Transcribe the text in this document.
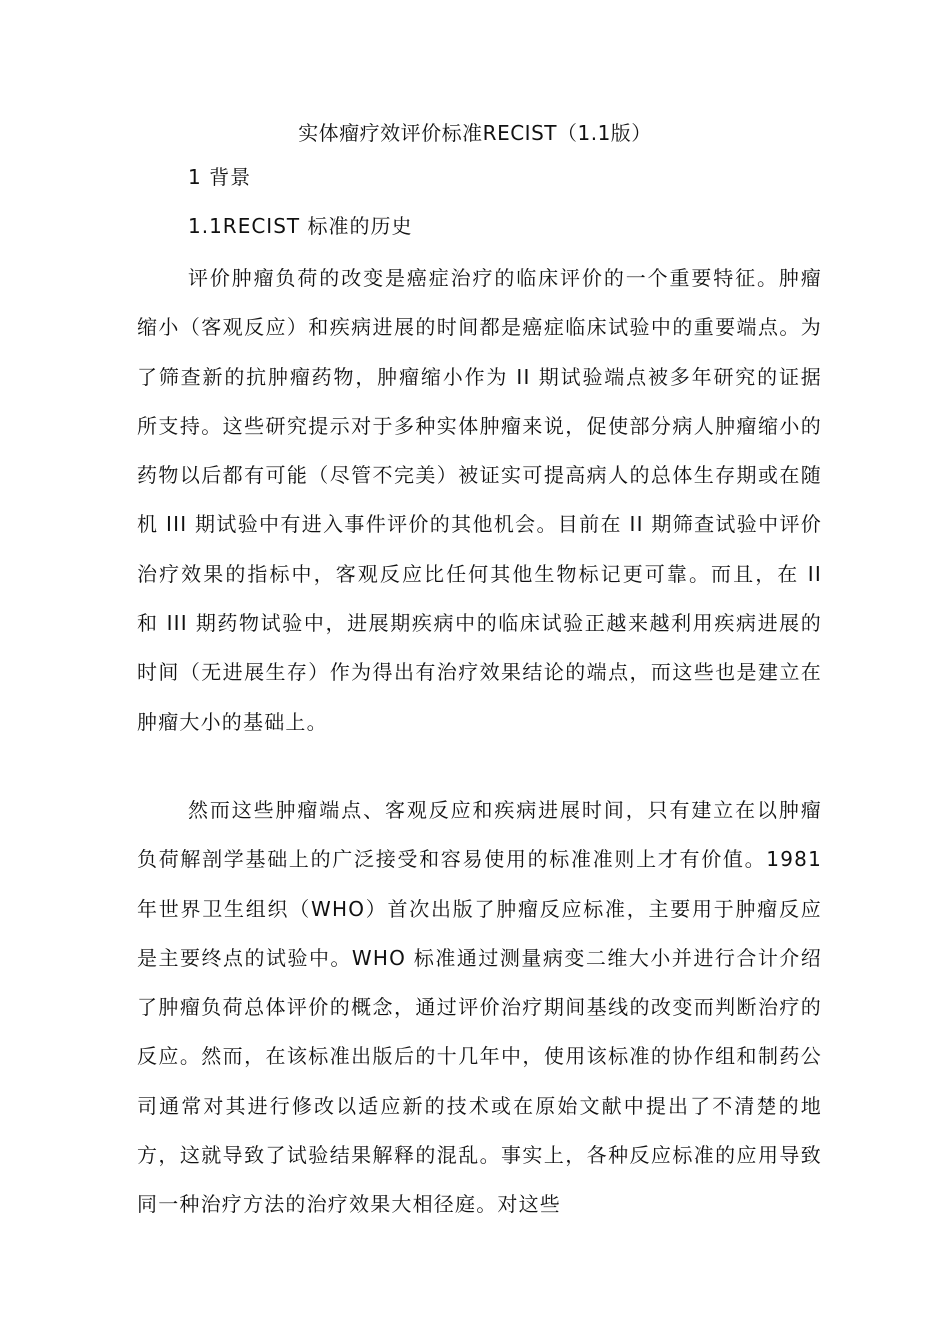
实体瘤疗效评价标准RECIST（1.1版）
1 背景
1.1RECIST 标准的历史

评价肿瘤负荷的改变是癌症治疗的临床评价的一个重要特征。肿瘤缩小（客观反应）和疾病进展的时间都是癌症临床试验中的重要端点。为了筛查新的抗肿瘤药物，肿瘤缩小作为 II 期试验端点被多年研究的证据所支持。这些研究提示对于多种实体肿瘤来说，促使部分病人肿瘤缩小的药物以后都有可能（尽管不完美）被证实可提高病人的总体生存期或在随机 III 期试验中有进入事件评价的其他机会。目前在 II 期筛查试验中评价治疗效果的指标中，客观反应比任何其他生物标记更可靠。而且，在 II 和 III 期药物试验中，进展期疾病中的临床试验正越来越利用疾病进展的时间（无进展生存）作为得出有治疗效果结论的端点，而这些也是建立在肿瘤大小的基础上。

然而这些肿瘤端点、客观反应和疾病进展时间，只有建立在以肿瘤负荷解剖学基础上的广泛接受和容易使用的标准准则上才有价值。1981 年世界卫生组织（WHO）首次出版了肿瘤反应标准，主要用于肿瘤反应是主要终点的试验中。WHO 标准通过测量病变二维大小并进行合计介绍了肿瘤负荷总体评价的概念，通过评价治疗期间基线的改变而判断治疗的反应。然而，在该标准出版后的十几年中，使用该标准的协作组和制药公司通常对其进行修改以适应新的技术或在原始文献中提出了不清楚的地方，这就导致了试验结果解释的混乱。事实上，各种反应标准的应用导致同一种治疗方法的治疗效果大相径庭。对这些
